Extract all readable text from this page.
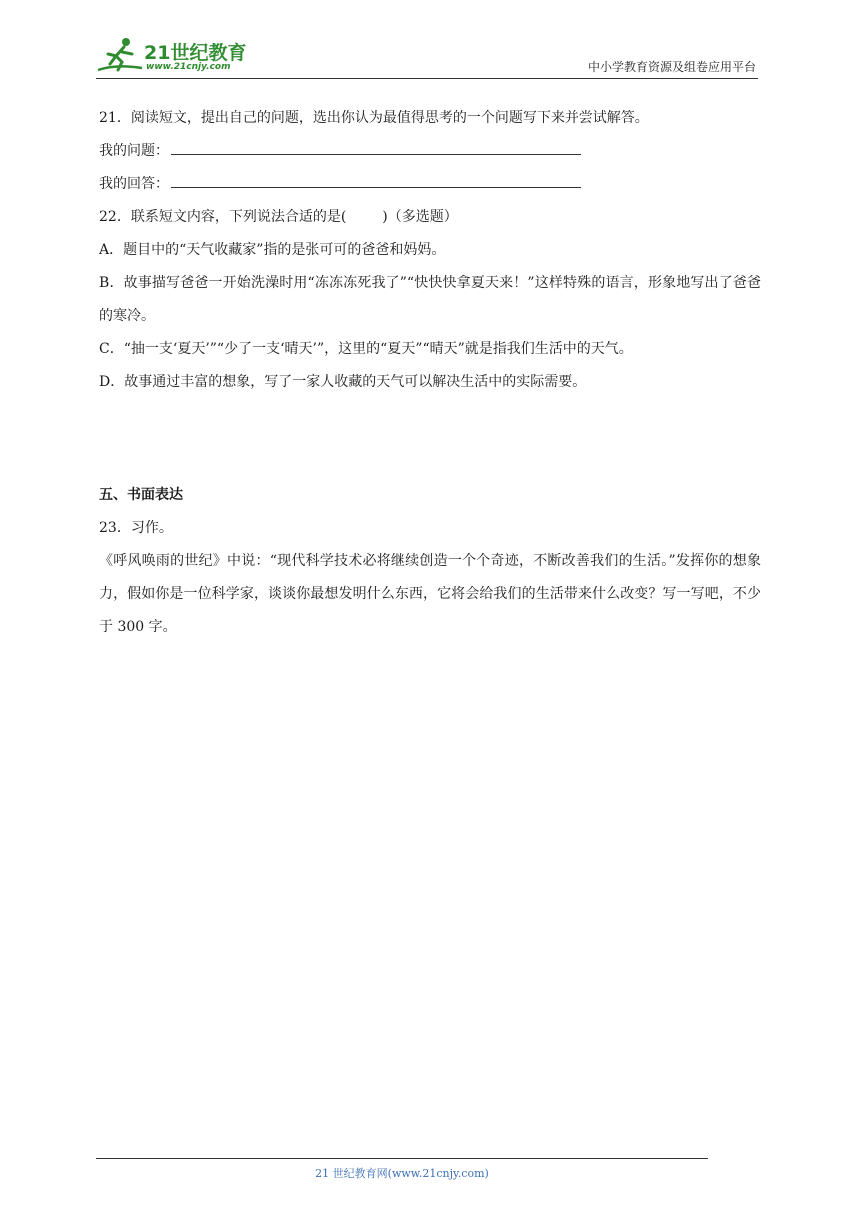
21世纪教育
www.21cnjy.com	中小学教育资源及组卷应用平台
21．阅读短文，提出自己的问题，选出你认为最值得思考的一个问题写下来并尝试解答。
我的问题：
我的回答：
22．联系短文内容，下列说法合适的是(	)（多选题）
A．题目中的“天气收藏家”指的是张可可的爸爸和妈妈。
B．故事描写爸爸一开始洗澡时用“冻冻冻死我了”“快快快拿夏天来！”这样特殊的语言，形象地写出了爸爸的寒冷。
C．“抽一支‘夏天’”“少了一支‘晴天’”，这里的“夏天”“晴天”就是指我们生活中的天气。
D．故事通过丰富的想象，写了一家人收藏的天气可以解决生活中的实际需要。
五、书面表达
23．习作。
《呼风唤雨的世纪》中说：“现代科学技术必将继续创造一个个奇迹，不断改善我们的生活。”发挥你的想象力，假如你是一位科学家，谈谈你最想发明什么东西，它将会给我们的生活带来什么改变？写一写吧，不少于 300 字。
21 世纪教育网(www.21cnjy.com)
